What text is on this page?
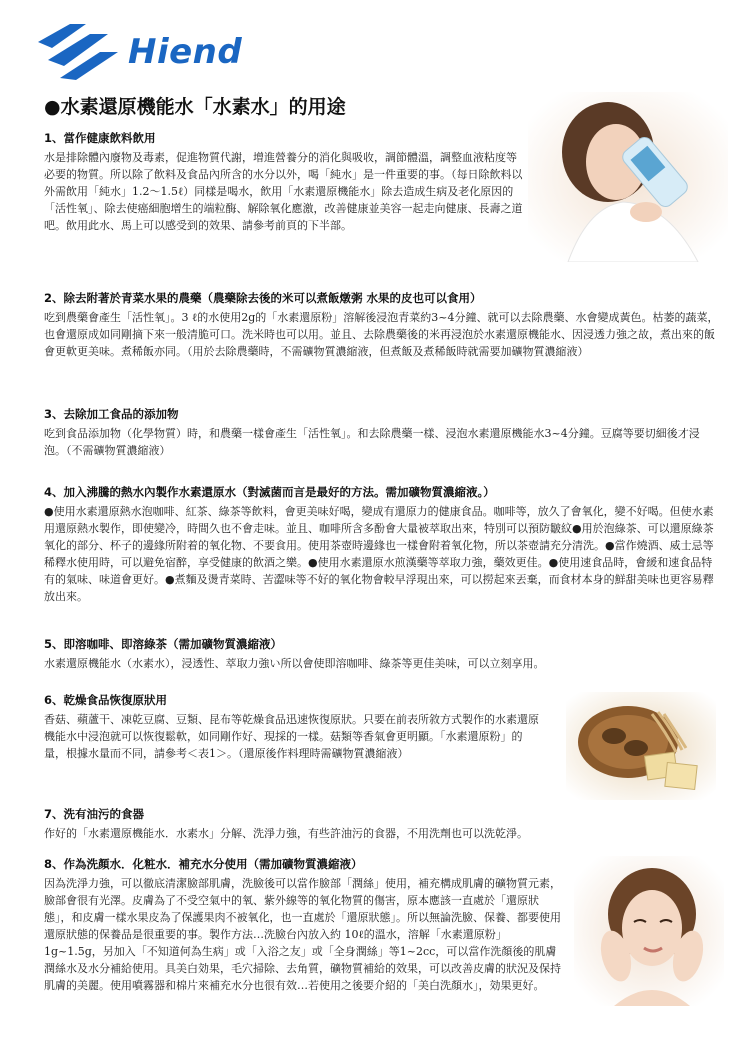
Hiend
●水素還原機能水「水素水」的用途
1、當作健康飲料飲用

水是排除體內廢物及毒素，促進物質代謝，增進營養分的消化與吸收，調節體溫，調整血液粘度等必要的物質。所以除了飲料及食品內所含的水分以外，喝「純水」是一件重要的事。（每日除飲料以外需飲用「純水」1.2〜1.5ℓ）同樣是喝水，飲用「水素還原機能水」除去造成生病及老化原因的「活性氧」、除去使癌細胞增生的端粒酶、解除氧化應激，改善健康並美容一起走向健康、長壽之道吧。飲用此水、馬上可以感受到的效果、請參考前頁的下半部。

2、除去附著於青菜水果的農藥（農藥除去後的米可以煮飯燉粥 水果的皮也可以食用）

吃到農藥會產生「活性氧」。3 ℓ的水使用2g的「水素還原粉」溶解後浸泡青菜約3~4分鐘、就可以去除農藥、水會變成黃色。枯萎的蔬菜，也會還原成如同剛摘下來一般清脆可口。洗米時也可以用。並且、去除農藥後的米再浸泡於水素還原機能水、因浸透力強之故，煮出來的飯會更軟更美味。煮稀飯亦同。（用於去除農藥時，不需礦物質濃縮液，但煮飯及煮稀飯時就需要加礦物質濃縮液）

3、去除加工食品的添加物

吃到食品添加物（化學物質）時，和農藥一樣會產生「活性氧」。和去除農藥一樣、浸泡水素還原機能水3~4分鐘。豆腐等要切細後才浸泡。（不需礦物質濃縮液）

4、加入沸騰的熱水內製作水素還原水（對滅菌而言是最好的方法。需加礦物質濃縮液。）

●使用水素還原熱水泡咖啡、紅茶、綠茶等飲料，會更美味好喝，變成有還原力的健康食品。咖啡等，放久了會氧化，變不好喝。但使水素用還原熱水製作，即使變冷，時間久也不會走味。並且、咖啡所含多酚會大量被萃取出來，特別可以預防皺紋●用於泡綠茶、可以還原綠茶氧化的部分、杯子的邊緣所附着的氧化物、不要食用。使用茶壺時邊緣也一樣會附着氧化物，所以茶壺請充分清洗。●當作燒酒、威士忌等稀釋水使用時，可以避免宿醉，享受健康的飲酒之樂。●使用水素還原水煎漢藥等萃取力強，藥效更佳。●使用速食品時，會緩和速食品特有的氣味、味道會更好。●煮麵及燙青菜時、苦澀味等不好的氧化物會較早浮現出來，可以撈起來丟棄，而食材本身的鮮甜美味也更容易釋放出來。

5、即溶咖啡、即溶綠茶（需加礦物質濃縮液）

水素還原機能水（水素水），浸透性、萃取力強い所以會使即溶咖啡、綠茶等更佳美味，可以立刻享用。

6、乾燥食品恢復原狀用

香菇、蘋蘆干、凍乾豆腐、豆類、昆布等乾燥食品迅速恢復原狀。只要在前表所敘方式製作的水素還原機能水中浸泡就可以恢復鬆軟，如同剛作好、現採的一樣。菇類等香氣會更明顯。「水素還原粉」的量，根據水量而不同，請參考＜表1＞。（還原後作料理時需礦物質濃縮液）

7、洗有油污的食器

作好的「水素還原機能水．水素水」分解、洗淨力強，有些許油污的食器，不用洗劑也可以洗乾淨。

8、作為洗顏水．化粧水．補充水分使用（需加礦物質濃縮液）

因為洗淨力強，可以徹底清潔臉部肌膚，洗臉後可以當作臉部「潤絲」使用，補充構成肌膚的礦物質元素，臉部會很有光澤。皮膚為了不受空氣中的氧、紫外線等的氧化物質的傷害，原本應該一直處於「還原狀態」，和皮膚一樣水果皮為了保護果肉不被氧化，也一直處於「還原狀態」。所以無論洗臉、保養、都要使用還原狀態的保養品是很重要的事。製作方法…洗臉台內放入約 10ℓ的溫水，溶解「水素還原粉」1g~1.5g，另加入「不知道何為生病」或「入浴之友」或「全身潤絲」等1~2cc，可以當作洗顏後的肌膚潤絲水及水分補給使用。具美白効果，毛穴掃除、去角質，礦物質補給的效果，可以改善皮膚的狀況及保持肌膚的美麗。使用噴霧器和棉片來補充水分也很有效…若使用之後要介紹的「美白洗顏水」，効果更好。
